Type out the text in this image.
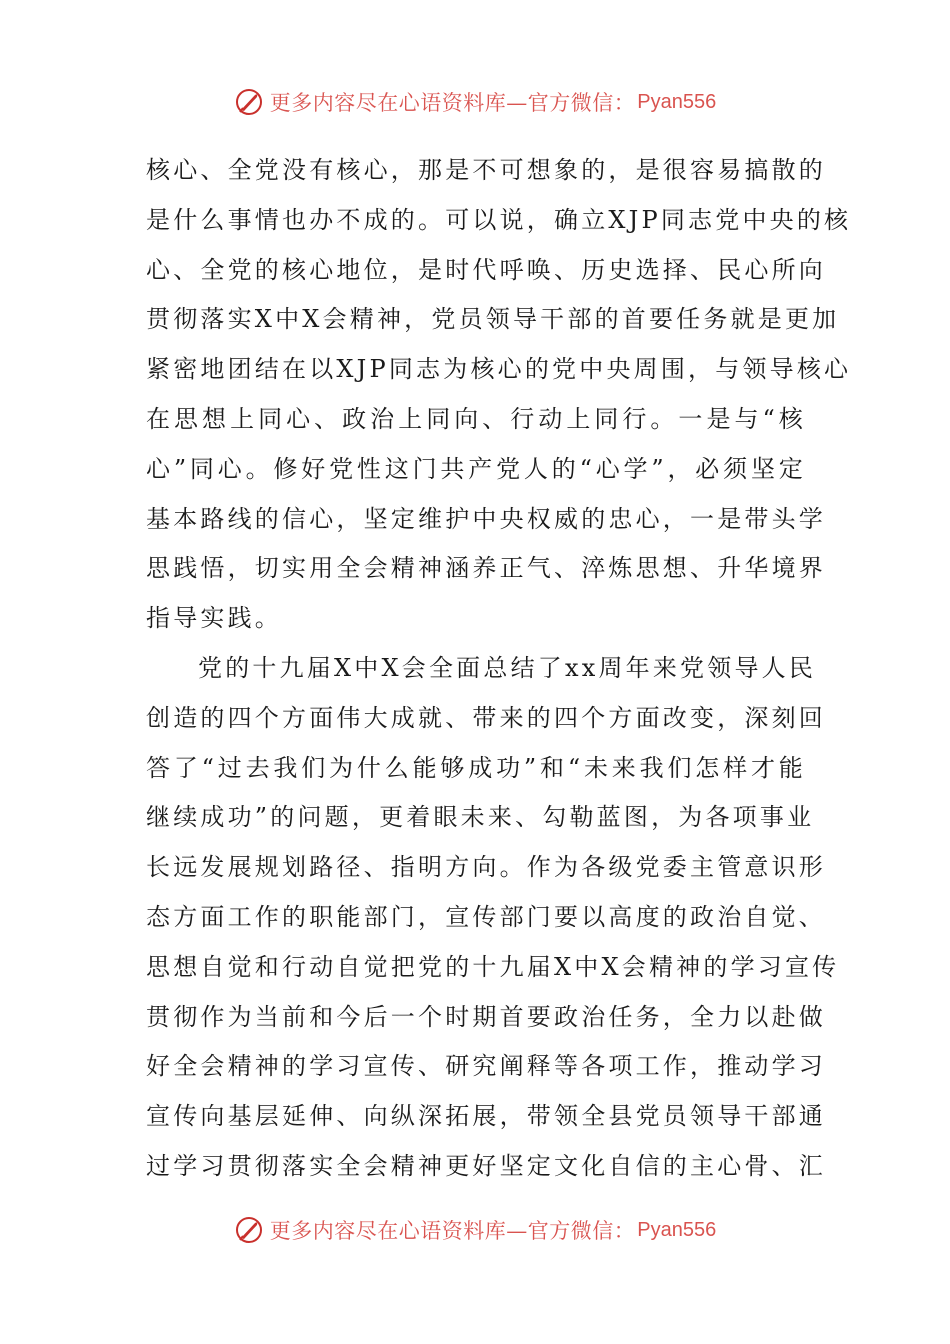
更多内容尽在心语资料库—官方微信： Pyan556
核心、全党没有核心，那是不可想象的，是很容易搞散的
是什么事情也办不成的。可以说，确立XJP同志党中央的核
心、全党的核心地位，是时代呼唤、历史选择、民心所向
贯彻落实X中X会精神，党员领导干部的首要任务就是更加
紧密地团结在以XJP同志为核心的党中央周围，与领导核心
在思想上同心、政治上同向、行动上同行。一是与“核
心”同心。修好党性这门共产党人的“心学”，必须坚定
基本路线的信心，坚定维护中央权威的忠心，一是带头学
思践悟，切实用全会精神涵养正气、淬炼思想、升华境界
指导实践。
党的十九届X中X会全面总结了xx周年来党领导人民
创造的四个方面伟大成就、带来的四个方面改变，深刻回
答了“过去我们为什么能够成功”和“未来我们怎样才能
继续成功”的问题，更着眼未来、勾勒蓝图，为各项事业
长远发展规划路径、指明方向。作为各级党委主管意识形
态方面工作的职能部门，宣传部门要以高度的政治自觉、
思想自觉和行动自觉把党的十九届X中X会精神的学习宣传
贯彻作为当前和今后一个时期首要政治任务，全力以赴做
好全会精神的学习宣传、研究阐释等各项工作，推动学习
宣传向基层延伸、向纵深拓展，带领全县党员领导干部通
过学习贯彻落实全会精神更好坚定文化自信的主心骨、汇
更多内容尽在心语资料库—官方微信： Pyan556
